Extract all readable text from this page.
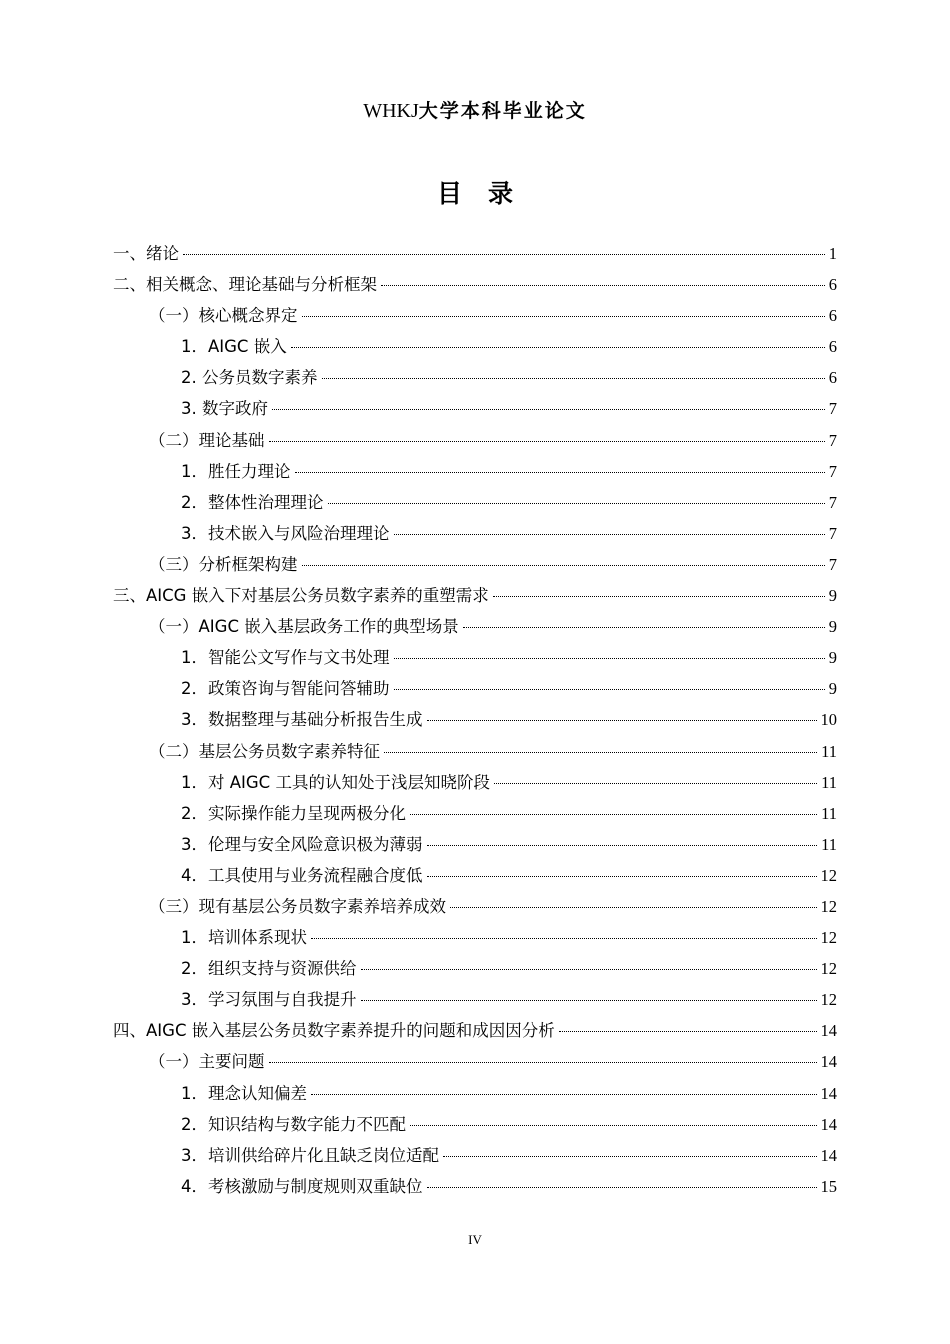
WHKJ大学本科毕业论文
目录
一、绪论	1
二、相关概念、理论基础与分析框架	6
（一）核心概念界定	6
1．AIGC 嵌入	6
2. 公务员数字素养	6
3. 数字政府	7
（二）理论基础	7
1．胜任力理论	7
2．整体性治理理论	7
3．技术嵌入与风险治理理论	7
（三）分析框架构建	7
三、AICG 嵌入下对基层公务员数字素养的重塑需求	9
（一）AIGC 嵌入基层政务工作的典型场景	9
1．智能公文写作与文书处理	9
2．政策咨询与智能问答辅助	9
3．数据整理与基础分析报告生成	10
（二）基层公务员数字素养特征	11
1．对 AIGC 工具的认知处于浅层知晓阶段	11
2．实际操作能力呈现两极分化	11
3．伦理与安全风险意识极为薄弱	11
4．工具使用与业务流程融合度低	12
（三）现有基层公务员数字素养培养成效	12
1．培训体系现状	12
2．组织支持与资源供给	12
3．学习氛围与自我提升	12
四、AIGC 嵌入基层公务员数字素养提升的问题和成因因分析	14
（一）主要问题	14
1．理念认知偏差	14
2．知识结构与数字能力不匹配	14
3．培训供给碎片化且缺乏岗位适配	14
4．考核激励与制度规则双重缺位	15
IV
